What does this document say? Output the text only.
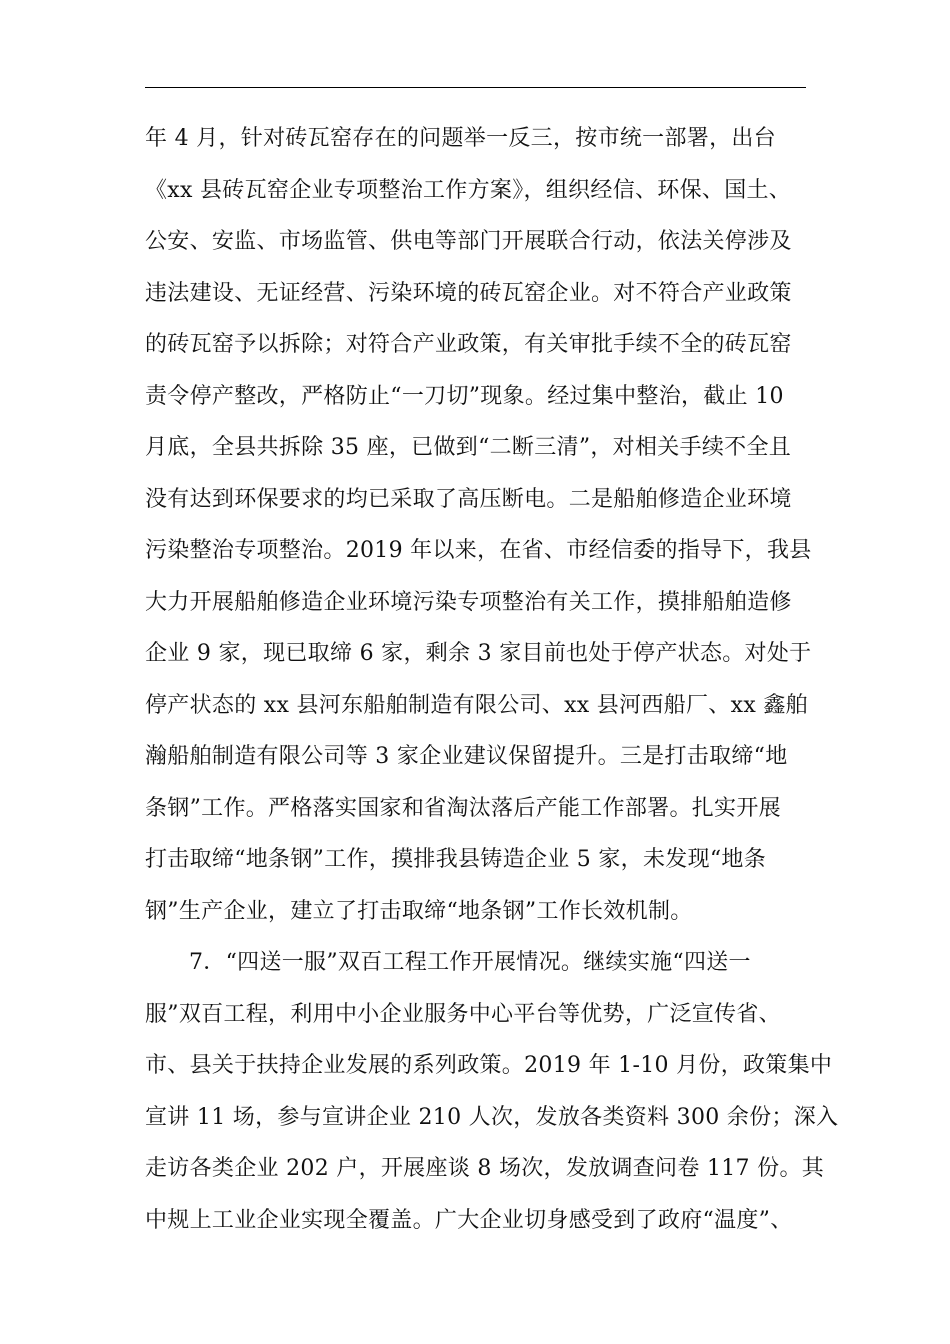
年 4 月，针对砖瓦窑存在的问题举一反三，按市统一部署，出台
《xx 县砖瓦窑企业专项整治工作方案》，组织经信、环保、国土、
公安、安监、市场监管、供电等部门开展联合行动，依法关停涉及
违法建设、无证经营、污染环境的砖瓦窑企业。对不符合产业政策
的砖瓦窑予以拆除；对符合产业政策，有关审批手续不全的砖瓦窑
责令停产整改，严格防止“一刀切”现象。经过集中整治，截止 10
月底，全县共拆除 35 座，已做到“二断三清”，对相关手续不全且
没有达到环保要求的均已采取了高压断电。二是船舶修造企业环境
污染整治专项整治。2019 年以来，在省、市经信委的指导下，我县
大力开展船舶修造企业环境污染专项整治有关工作，摸排船舶造修
企业 9 家，现已取缔 6 家，剩余 3 家目前也处于停产状态。对处于
停产状态的 xx 县河东船舶制造有限公司、xx 县河西船厂、xx 鑫舶
瀚船舶制造有限公司等 3 家企业建议保留提升。三是打击取缔“地
条钢”工作。严格落实国家和省淘汰落后产能工作部署。扎实开展
打击取缔“地条钢”工作，摸排我县铸造企业 5 家，未发现“地条
钢”生产企业，建立了打击取缔“地条钢”工作长效机制。
7．“四送一服”双百工程工作开展情况。继续实施“四送一
服”双百工程，利用中小企业服务中心平台等优势，广泛宣传省、
市、县关于扶持企业发展的系列政策。2019 年 1-10 月份，政策集中
宣讲 11 场，参与宣讲企业 210 人次，发放各类资料 300 余份；深入
走访各类企业 202 户，开展座谈 8 场次，发放调查问卷 117 份。其
中规上工业企业实现全覆盖。广大企业切身感受到了政府“温度”、
